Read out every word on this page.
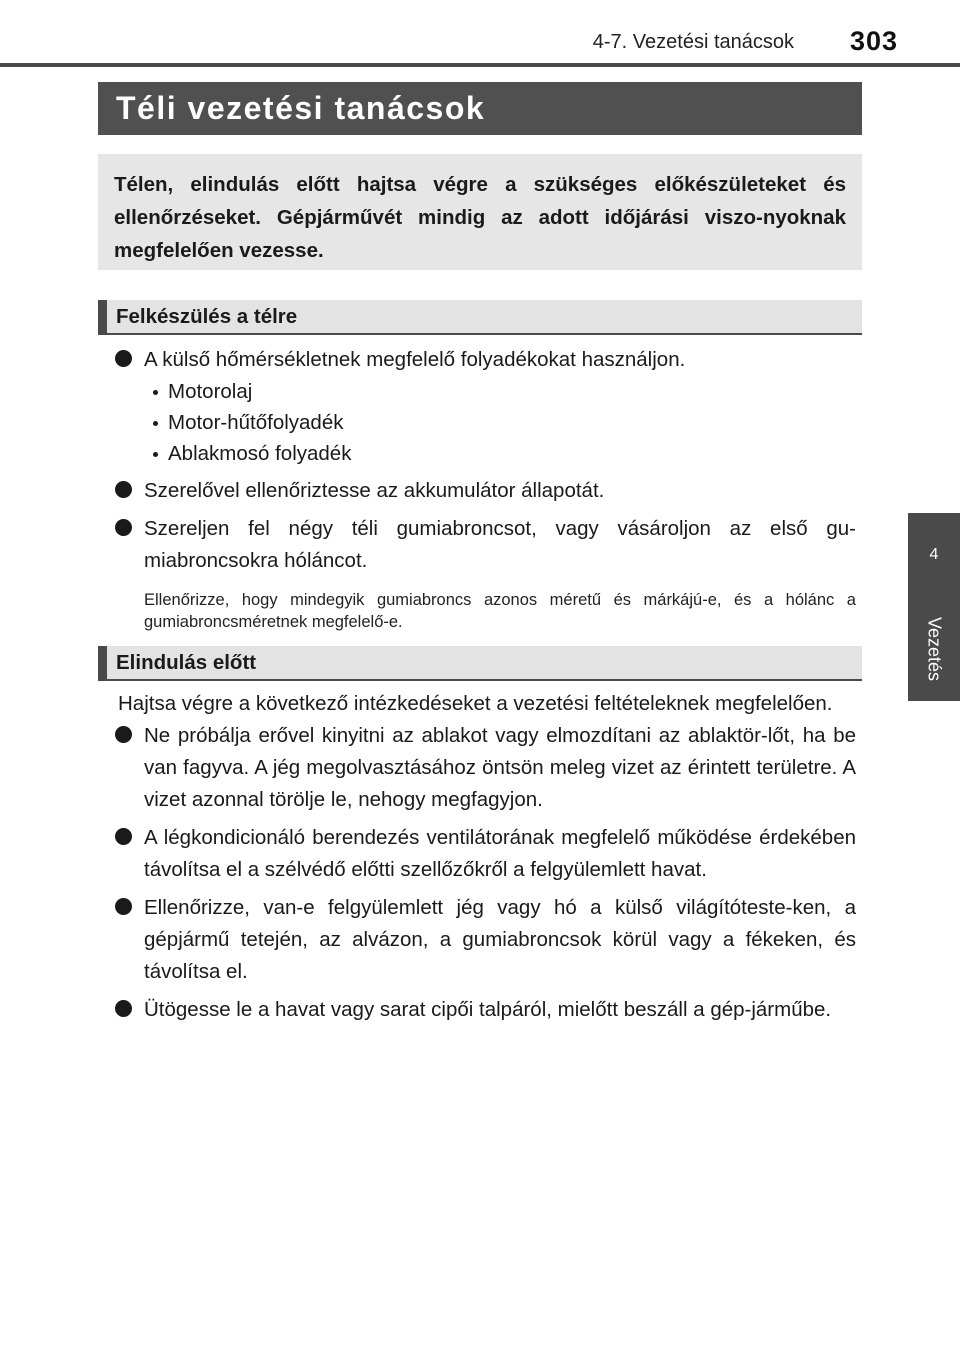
4-7. Vezetési tanácsok	303
4
Vezetés
Téli vezetési tanácsok

Télen, elindulás előtt hajtsa végre a szükséges előkészületeket és ellenőrzéseket. Gépjárművét mindig az adott időjárási viszo-nyoknak megfelelően vezesse.

Felkészülés a télre
A külső hőmérsékletnek megfelelő folyadékokat használjon.
Motorolaj
Motor-hűtőfolyadék
Ablakmosó folyadék
Szerelővel ellenőriztesse az akkumulátor állapotát.
Szereljen fel négy téli gumiabroncsot, vagy vásároljon az első gu-miabroncsokra hóláncot.
Ellenőrizze, hogy mindegyik gumiabroncs azonos méretű és márkájú-e, és a hólánc a gumiabroncsméretnek megfelelő-e.
Elindulás előtt
Hajtsa végre a következő intézkedéseket a vezetési feltételeknek megfelelően.
Ne próbálja erővel kinyitni az ablakot vagy elmozdítani az ablaktör-lőt, ha be van fagyva. A jég megolvasztásához öntsön meleg vizet az érintett területre. A vizet azonnal törölje le, nehogy megfagyjon.
A légkondicionáló berendezés ventilátorának megfelelő működése érdekében távolítsa el a szélvédő előtti szellőzőkről a felgyülemlett havat.
Ellenőrizze, van-e felgyülemlett jég vagy hó a külső világítóteste-ken, a gépjármű tetején, az alvázon, a gumiabroncsok körül vagy a fékeken, és távolítsa el.
Ütögesse le a havat vagy sarat cipői talpáról, mielőtt beszáll a gép-járműbe.
